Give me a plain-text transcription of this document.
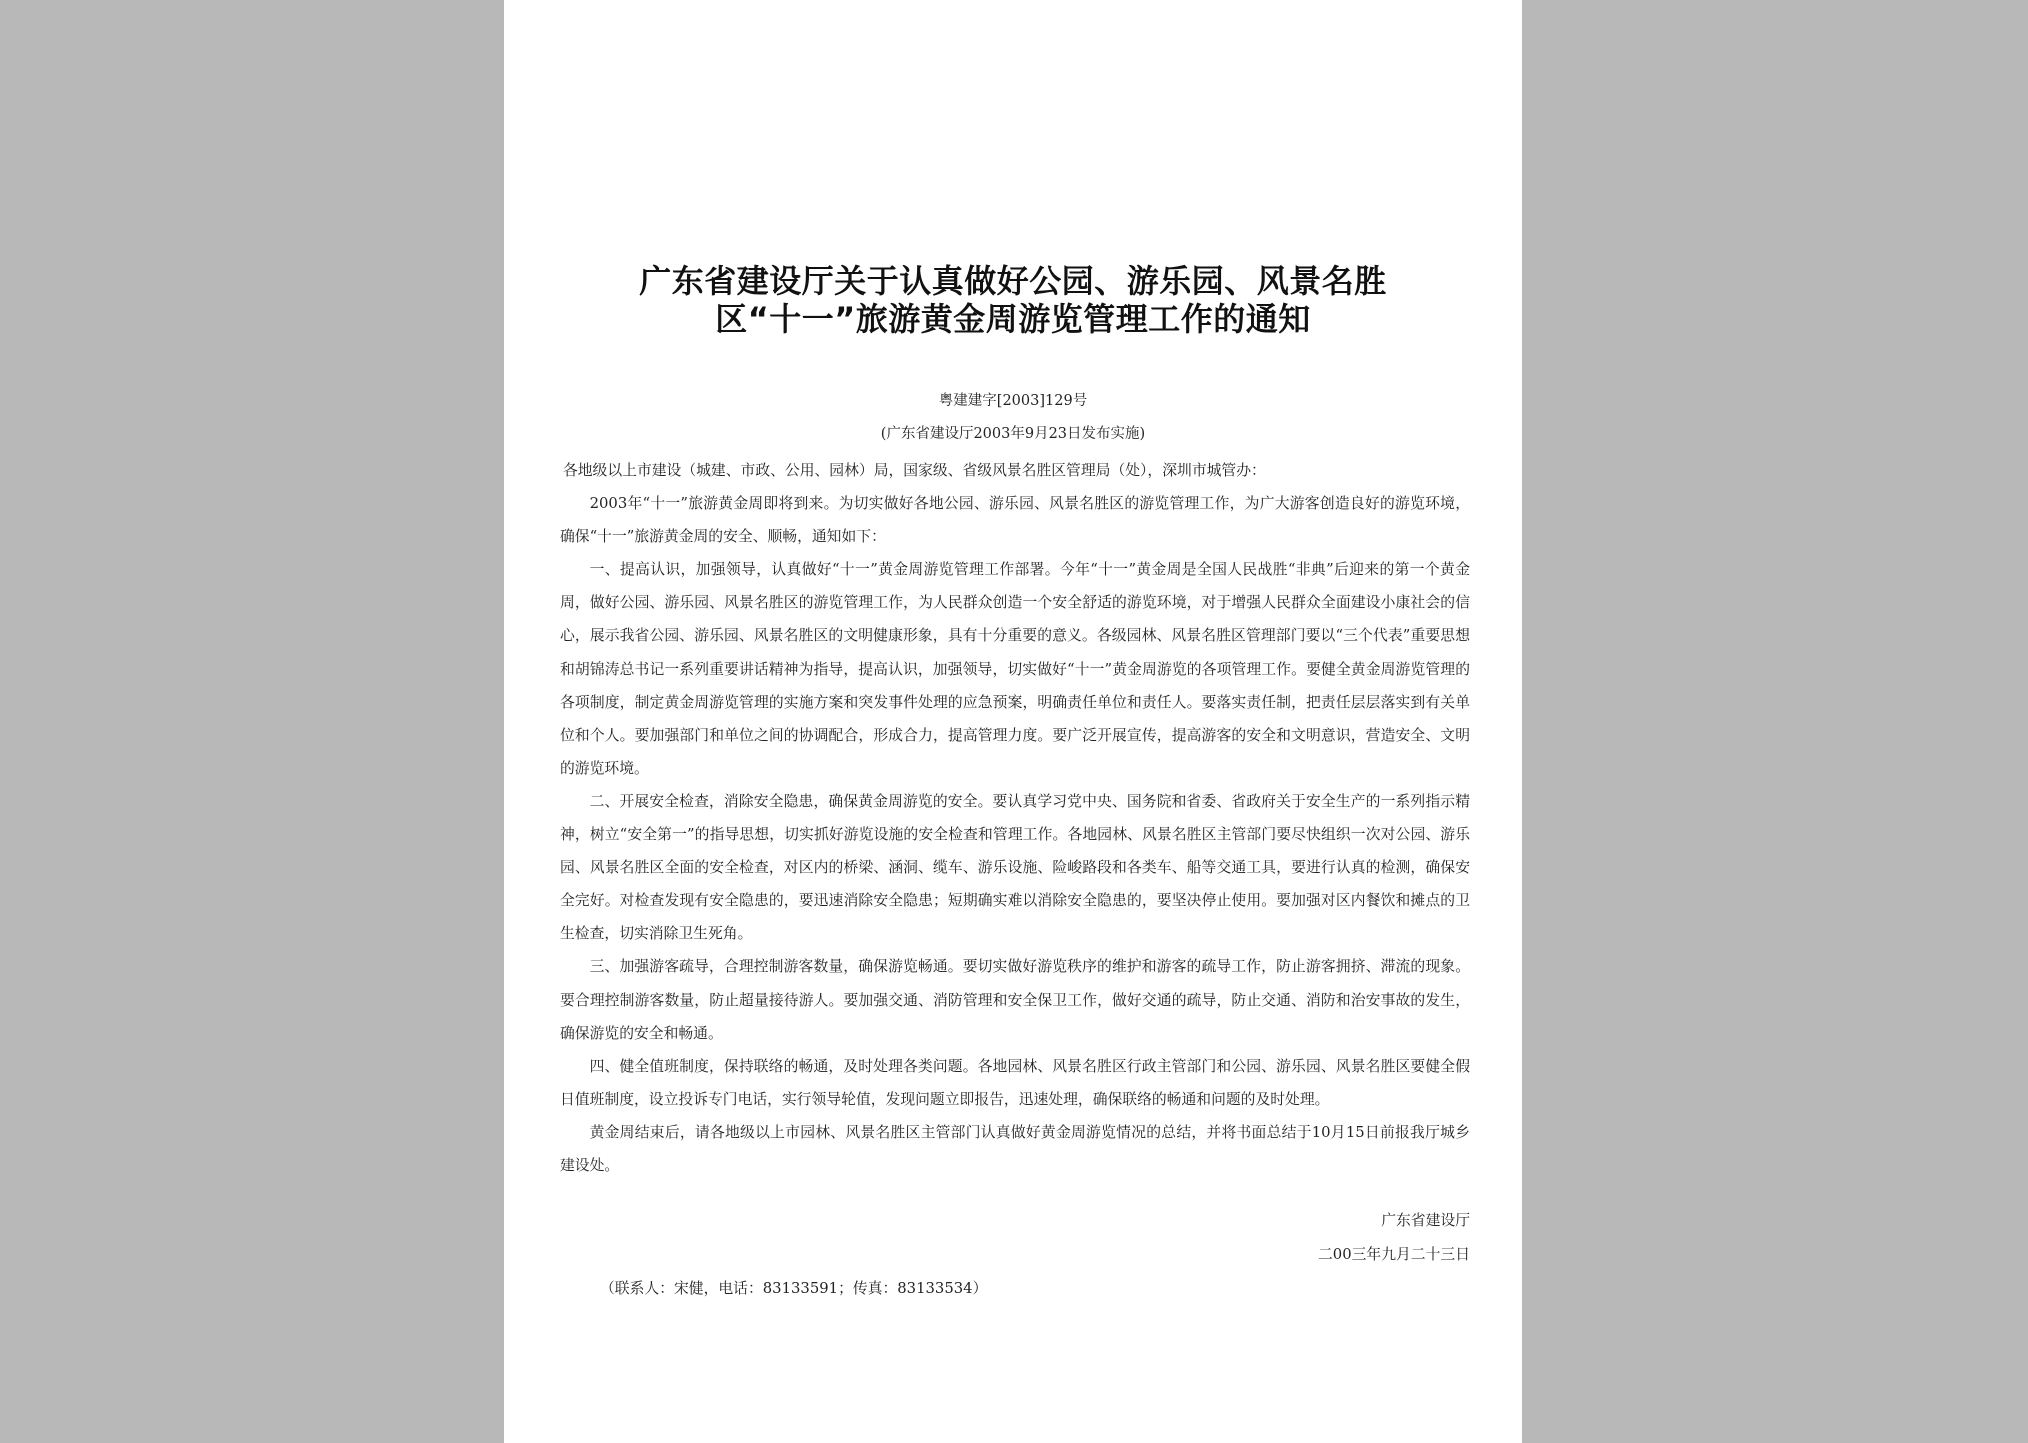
广东省建设厅关于认真做好公园、游乐园、风景名胜
区“十一”旅游黄金周游览管理工作的通知
粤建建字[2003]129号
(广东省建设厅2003年9月23日发布实施)

各地级以上市建设（城建、市政、公用、园林）局，国家级、省级风景名胜区管理局（处），深圳市城管办：

2003年“十一”旅游黄金周即将到来。为切实做好各地公园、游乐园、风景名胜区的游览管理工作，为广大游客创造良好的游览环境，确保“十一”旅游黄金周的安全、顺畅，通知如下：

一、提高认识，加强领导，认真做好“十一”黄金周游览管理工作部署。今年“十一”黄金周是全国人民战胜“非典”后迎来的第一个黄金周，做好公园、游乐园、风景名胜区的游览管理工作，为人民群众创造一个安全舒适的游览环境，对于增强人民群众全面建设小康社会的信心，展示我省公园、游乐园、风景名胜区的文明健康形象，具有十分重要的意义。各级园林、风景名胜区管理部门要以“三个代表”重要思想和胡锦涛总书记一系列重要讲话精神为指导，提高认识，加强领导，切实做好“十一”黄金周游览的各项管理工作。要健全黄金周游览管理的各项制度，制定黄金周游览管理的实施方案和突发事件处理的应急预案，明确责任单位和责任人。要落实责任制，把责任层层落实到有关单位和个人。要加强部门和单位之间的协调配合，形成合力，提高管理力度。要广泛开展宣传，提高游客的安全和文明意识，营造安全、文明的游览环境。

二、开展安全检查，消除安全隐患，确保黄金周游览的安全。要认真学习党中央、国务院和省委、省政府关于安全生产的一系列指示精神，树立“安全第一”的指导思想，切实抓好游览设施的安全检查和管理工作。各地园林、风景名胜区主管部门要尽快组织一次对公园、游乐园、风景名胜区全面的安全检查，对区内的桥梁、涵洞、缆车、游乐设施、险峻路段和各类车、船等交通工具，要进行认真的检测，确保安全完好。对检查发现有安全隐患的，要迅速消除安全隐患；短期确实难以消除安全隐患的，要坚决停止使用。要加强对区内餐饮和摊点的卫生检查，切实消除卫生死角。

三、加强游客疏导，合理控制游客数量，确保游览畅通。要切实做好游览秩序的维护和游客的疏导工作，防止游客拥挤、滞流的现象。要合理控制游客数量，防止超量接待游人。要加强交通、消防管理和安全保卫工作，做好交通的疏导，防止交通、消防和治安事故的发生，确保游览的安全和畅通。

四、健全值班制度，保持联络的畅通，及时处理各类问题。各地园林、风景名胜区行政主管部门和公园、游乐园、风景名胜区要健全假日值班制度，设立投诉专门电话，实行领导轮值，发现问题立即报告，迅速处理，确保联络的畅通和问题的及时处理。

黄金周结束后，请各地级以上市园林、风景名胜区主管部门认真做好黄金周游览情况的总结，并将书面总结于10月15日前报我厅城乡建设处。

广东省建设厅
二00三年九月二十三日
（联系人：宋健，电话：83133591；传真：83133534）
